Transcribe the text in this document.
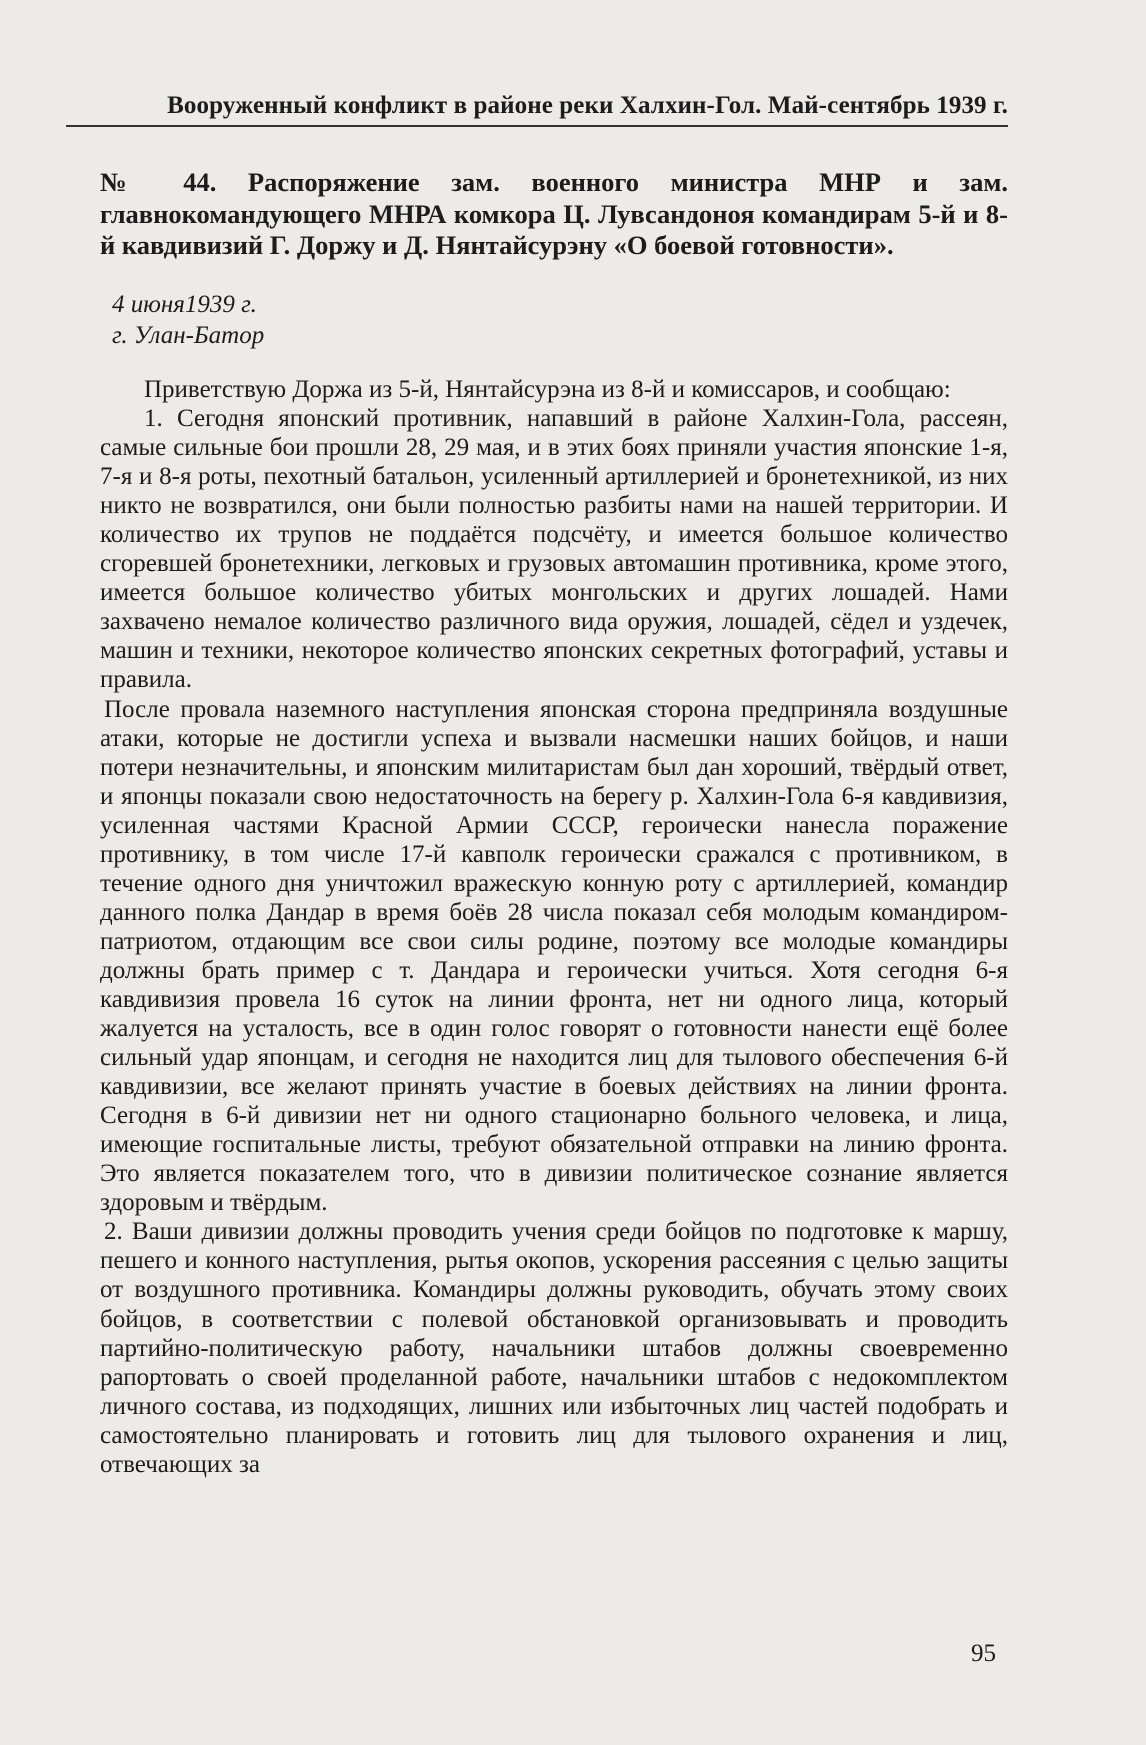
Вооруженный конфликт в районе реки Халхин-Гол. Май-сентябрь 1939 г.
№ 44. Распоряжение зам. военного министра МНР и зам. главнокомандующего МНРА комкора Ц. Лувсандоноя командирам 5-й и 8-й кавдивизий Г. Доржу и Д. Нянтайсурэну «О боевой готовности».
4 июня1939 г.
г. Улан-Батор

Приветствую Доржа из 5-й, Нянтайсурэна из 8-й и комиссаров, и сообщаю:

1. Сегодня японский противник, напавший в районе Халхин-Гола, рассеян, самые сильные бои прошли 28, 29 мая, и в этих боях приняли участия японские 1-я, 7-я и 8-я роты, пехотный батальон, усиленный артиллерией и бронетехникой, из них никто не возвратился, они были полностью разбиты нами на нашей территории. И количество их трупов не поддаётся подсчёту, и имеется большое количество сгоревшей бронетехники, легковых и грузовых автомашин противника, кроме этого, имеется большое количество убитых монгольских и других лошадей. Нами захвачено немалое количество различного вида оружия, лошадей, сёдел и уздечек, машин и техники, некоторое количество японских секретных фотографий, уставы и правила.

После провала наземного наступления японская сторона предприняла воздушные атаки, которые не достигли успеха и вызвали насмешки наших бойцов, и наши потери незначительны, и японским милитаристам был дан хороший, твёрдый ответ, и японцы показали свою недостаточность на берегу р. Халхин-Гола 6-я кавдивизия, усиленная частями Красной Армии СССР, героически нанесла поражение противнику, в том числе 17-й кавполк героически сражался с противником, в течение одного дня уничтожил вражескую конную роту с артиллерией, командир данного полка Дандар в время боёв 28 числа показал себя молодым командиром-патриотом, отдающим все свои силы родине, поэтому все молодые командиры должны брать пример с т. Дандара и героически учиться. Хотя сегодня 6-я кавдивизия провела 16 суток на линии фронта, нет ни одного лица, который жалуется на усталость, все в один голос говорят о готовности нанести ещё более сильный удар японцам, и сегодня не находится лиц для тылового обеспечения 6-й кавдивизии, все желают принять участие в боевых действиях на линии фронта. Сегодня в 6-й дивизии нет ни одного стационарно больного человека, и лица, имеющие госпитальные листы, требуют обязательной отправки на линию фронта. Это является показателем того, что в дивизии политическое сознание является здоровым и твёрдым.

2. Ваши дивизии должны проводить учения среди бойцов по подготовке к маршу, пешего и конного наступления, рытья окопов, ускорения рассеяния с целью защиты от воздушного противника. Командиры должны руководить, обучать этому своих бойцов, в соответствии с полевой обстановкой организовывать и проводить партийно-политическую работу, начальники штабов должны своевременно рапортовать о своей проделанной работе, начальники штабов с недокомплектом личного состава, из подходящих, лишних или избыточных лиц частей подобрать и самостоятельно планировать и готовить лиц для тылового охранения и лиц, отвечающих за

95
